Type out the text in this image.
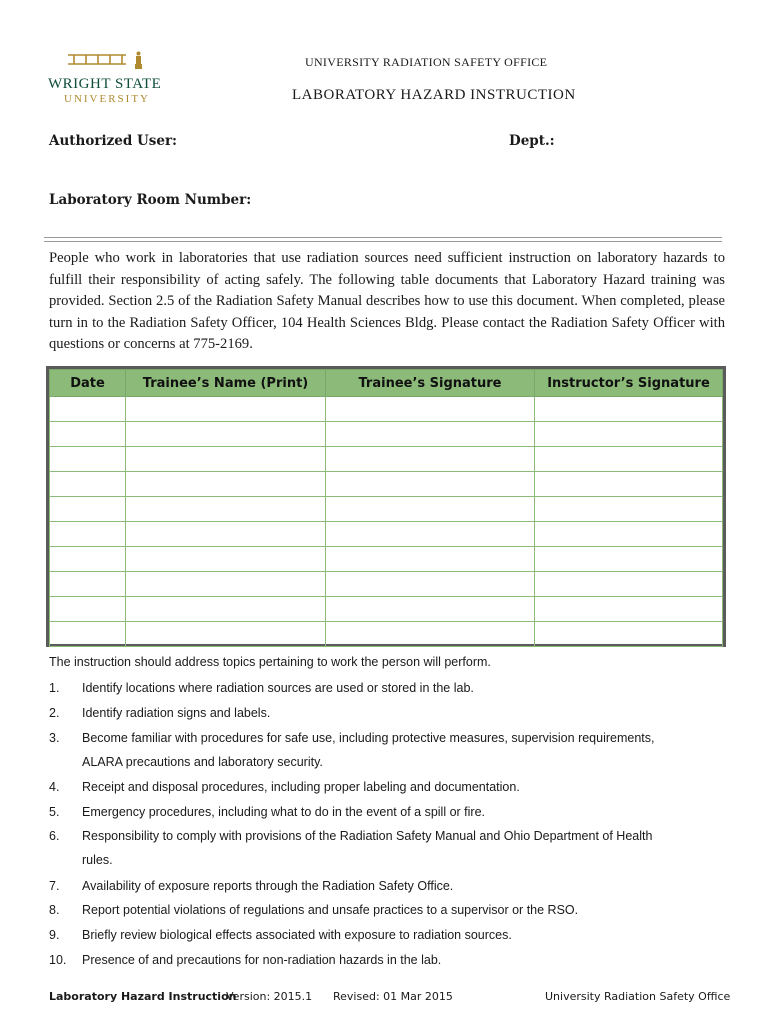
WRIGHT STATE
UNIVERSITY
UNIVERSITY RADIATION SAFETY OFFICE
LABORATORY HAZARD INSTRUCTION
Authorized User:	Dept.:
Laboratory Room Number:

People who work in laboratories that use radiation sources need sufficient instruction on laboratory hazards to fulfill their responsibility of acting safely. The following table documents that Laboratory Hazard training was provided. Section 2.5 of the Radiation Safety Manual describes how to use this document. When completed, please turn in to the Radiation Safety Officer, 104 Health Sciences Bldg. Please contact the Radiation Safety Officer with questions or concerns at 775-2169.

Date	Trainee’s Name (Print)	Trainee’s Signature	Instructor’s Signature

The instruction should address topics pertaining to work the person will perform.
1. Identify locations where radiation sources are used or stored in the lab.
2. Identify radiation signs and labels.
3. Become familiar with procedures for safe use, including protective measures, supervision requirements,
ALARA precautions and laboratory security.
4. Receipt and disposal procedures, including proper labeling and documentation.
5. Emergency procedures, including what to do in the event of a spill or fire.
6. Responsibility to comply with provisions of the Radiation Safety Manual and Ohio Department of Health
rules.
7. Availability of exposure reports through the Radiation Safety Office.
8. Report potential violations of regulations and unsafe practices to a supervisor or the RSO.
9. Briefly review biological effects associated with exposure to radiation sources.
10. Presence of and precautions for non-radiation hazards in the lab.
Laboratory Hazard Instruction
Version: 2015.1 Revised: 01 Mar 2015	University Radiation Safety Office
